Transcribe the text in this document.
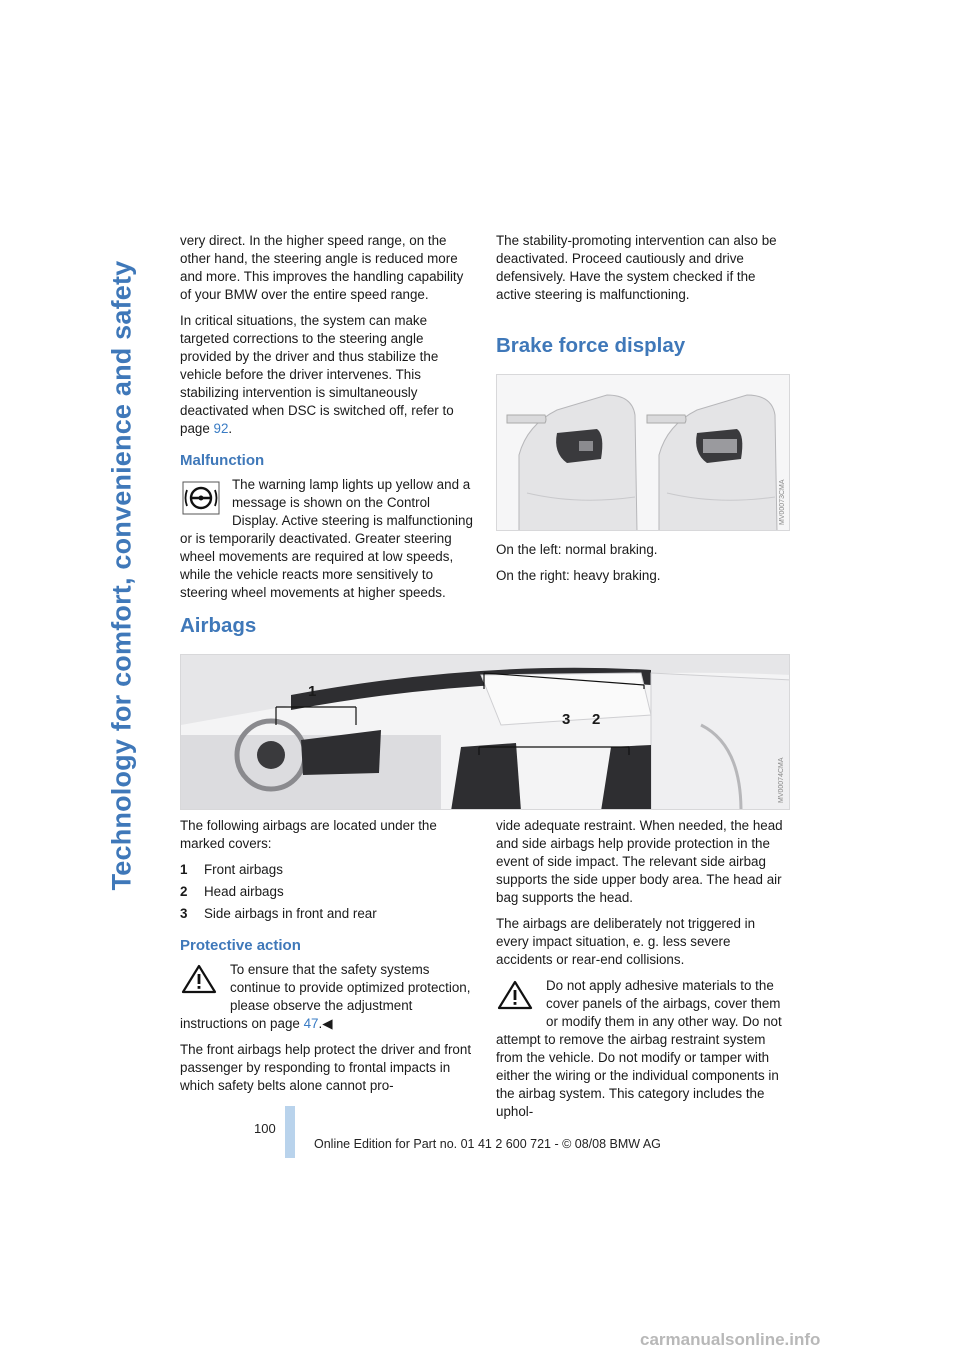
Technology for comfort, convenience and safety

very direct. In the higher speed range, on the other hand, the steering angle is reduced more and more. This improves the handling capability of your BMW over the entire speed range.

In critical situations, the system can make targeted corrections to the steering angle provided by the driver and thus stabilize the vehicle before the driver intervenes. This stabilizing intervention is simultaneously deactivated when DSC is switched off, refer to page 92.

Malfunction

The warning lamp lights up yellow and a message is shown on the Control Display. Active steering is malfunctioning or is temporarily deactivated. Greater steering wheel movements are required at low speeds, while the vehicle reacts more sensitively to steering wheel movements at higher speeds.

The stability-promoting intervention can also be deactivated. Proceed cautiously and drive defensively. Have the system checked if the active steering is malfunctioning.

Brake force display
MV00073CMA

On the left: normal braking.

On the right: heavy braking.

Airbags
1
2
3
MV00074CMA

The following airbags are located under the marked covers:

1	Front airbags
2	Head airbags
3	Side airbags in front and rear
Protective action

To ensure that the safety systems continue to provide optimized protection, please observe the adjustment instructions on page 47.◀

The front airbags help protect the driver and front passenger by responding to frontal impacts in which safety belts alone cannot pro-

vide adequate restraint. When needed, the head and side airbags help provide protection in the event of side impact. The relevant side airbag supports the side upper body area. The head air bag supports the head.

The airbags are deliberately not triggered in every impact situation, e. g. less severe accidents or rear-end collisions.

Do not apply adhesive materials to the cover panels of the airbags, cover them or modify them in any other way. Do not attempt to remove the airbag restraint system from the vehicle. Do not modify or tamper with either the wiring or the individual components in the airbag system. This category includes the uphol-

100
Online Edition for Part no. 01 41 2 600 721 - © 08/08 BMW AG
carmanualsonline.info
